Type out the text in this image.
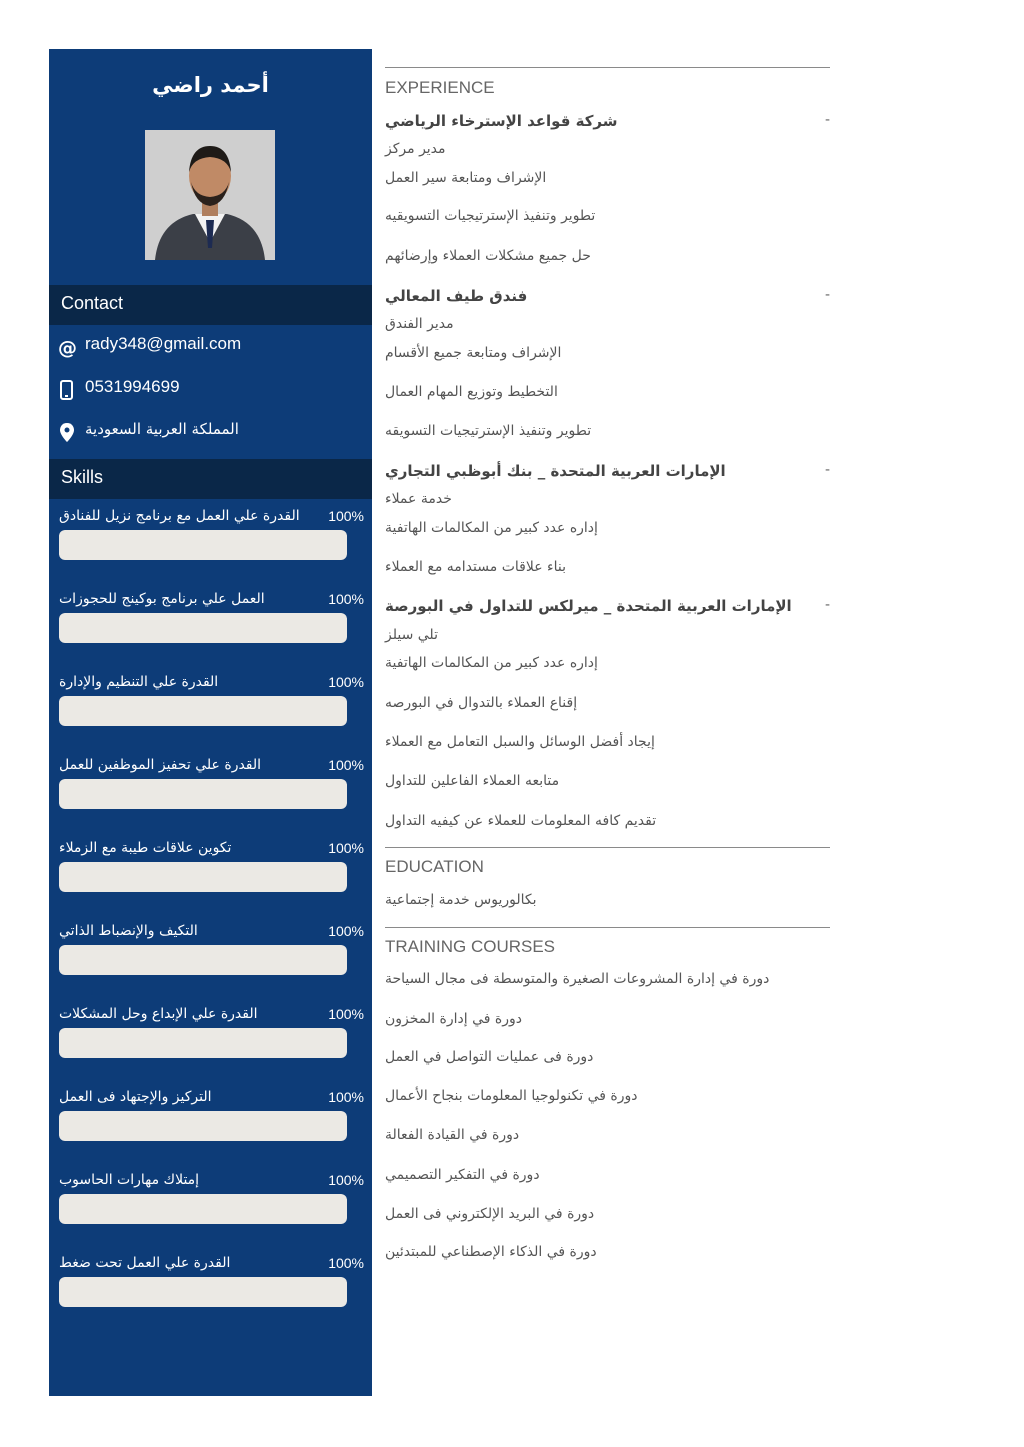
أحمد راضي
Contact
@ rady348@gmail.com
0531994699
المملكة العربية السعودية
Skills
القدرة علي العمل مع برنامج نزيل للفنادق	100%
العمل علي برنامج بوكينج للحجوزات	100%
القدرة علي التنظيم والإدارة	100%
القدرة علي تحفيز الموظفين للعمل	100%
تكوين علاقات طيبة مع الزملاء	100%
التكيف والإنضباط الذاتي	100%
القدرة علي الإبداع وحل المشكلات	100%
التركيز والإجتهاد فى العمل	100%
إمتلاك مهارات الحاسوب	100%
القدرة علي العمل تحت ضغط	100%
EXPERIENCE
شركة قواعد الإسترخاء الرياضي	-
مدير مركز
الإشراف ومتابعة سير العمل
تطوير وتنفيذ الإسترتيجيات التسويقيه
حل جميع مشكلات العملاء وإرضائهم
فندق طيف المعالي	-
مدير الفندق
الإشراف ومتابعة جميع الأقسام
التخطيط وتوزيع المهام العمال
تطوير وتنفيذ الإسترتيجيات التسويقه
الإمارات العربية المتحدة _ بنك أبوظبي التجاري	-
خدمة عملاء
إداره عدد كبير من المكالمات الهاتفية
بناء علاقات مستدامه مع العملاء
الإمارات العربية المتحدة _ ميرلكس للتداول في البورصة	-
تلي سيلز
إداره عدد كبير من المكالمات الهاتفية
إقناع العملاء بالتدوال في البورصه
إيجاد أفضل الوسائل والسبل التعامل مع العملاء
متابعه العملاء الفاعلين للتداول
تقديم كافه المعلومات للعملاء عن كيفيه التداول
EDUCATION
بكالوريوس خدمة إجتماعية
TRAINING COURSES
دورة في إدارة المشروعات الصغيرة والمتوسطة فى مجال السياحة
دورة في إدارة المخزون
دورة فى عمليات التواصل في العمل
دورة في تكنولوجيا المعلومات بنجاح الأعمال
دورة في القيادة الفعالة
دورة في التفكير التصميمي
دورة في البريد الإلكتروني فى العمل
دورة في الذكاء الإصطناعي للمبتدئين
